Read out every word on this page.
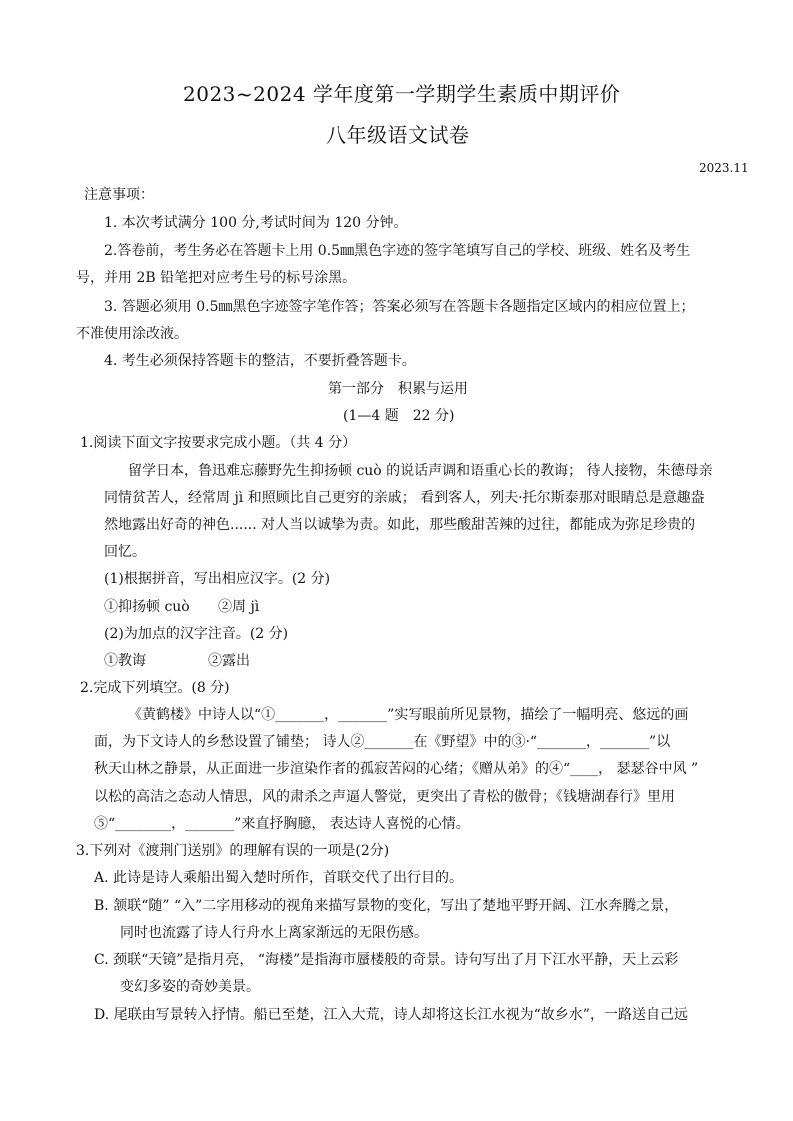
2023~2024 学年度第一学期学生素质中期评价
八年级语文试卷
2023.11
注意事项：
1. 本次考试满分 100 分,考试时间为 120 分钟。
2.答卷前，考生务必在答题卡上用 0.5㎜黑色字迹的签字笔填写自己的学校、班级、姓名及考生
号，并用 2B 铅笔把对应考生号的标号涂黑。
3. 答题必须用 0.5㎜黑色字迹签字笔作答；答案必须写在答题卡各题指定区域内的相应位置上；
不准使用涂改液。
4. 考生必须保持答题卡的整洁，不要折叠答题卡。
第一部分　积累与运用
(1—4 题　22 分)
1.阅读下面文字按要求完成小题。（共 4 分）
留学日本，鲁迅难忘藤野先生抑扬顿 cuò 的说话声调和语重心长的教诲； 待人接物，朱德母亲
同情贫苦人，经常周 jì 和照顾比自己更穷的亲戚； 看到客人，列夫·托尔斯泰那对眼睛总是意趣盎
然地露出好奇的神色...... 对人当以诚挚为责。如此，那些酸甜苦辣的过往，都能成为弥足珍贵的
回忆。
(1)根据拼音，写出相应汉字。(2 分)
①抑扬顿 cuò ②周 jì
(2)为加点的汉字注音。(2 分)
①教诲	②露出
2.完成下列填空。(8 分)
《黄鹤楼》中诗人以“①_______，_______”实写眼前所见景物，描绘了一幅明亮、悠远的画
面，为下文诗人的乡愁设置了铺垫； 诗人②_______在《野望》中的③·“_______，_______”以
秋天山林之静景，从正面进一步渲染作者的孤寂苦闷的心绪；《赠从弟》的④“____， 瑟瑟谷中风 ”
以松的高洁之态动人情思，风的肃杀之声逼人警觉，更突出了青松的傲骨；《钱塘湖春行》里用
⑤“________，_______”来直抒胸臆， 表达诗人喜悦的心情。
3.下列对《渡荆门送别》的理解有误的一项是(2分)
A. 此诗是诗人乘船出蜀入楚时所作，首联交代了出行目的。
B. 颔联“随” “入”二字用移动的视角来描写景物的变化，写出了楚地平野开阔、江水奔腾之景，
同时也流露了诗人行舟水上离家渐远的无限伤感。
C. 颈联“天镜”是指月亮， “海楼”是指海市蜃楼般的奇景。诗句写出了月下江水平静，天上云彩
变幻多姿的奇妙美景。
D. 尾联由写景转入抒情。船已至楚，江入大荒，诗人却将这长江水视为“故乡水”，一路送自己远
